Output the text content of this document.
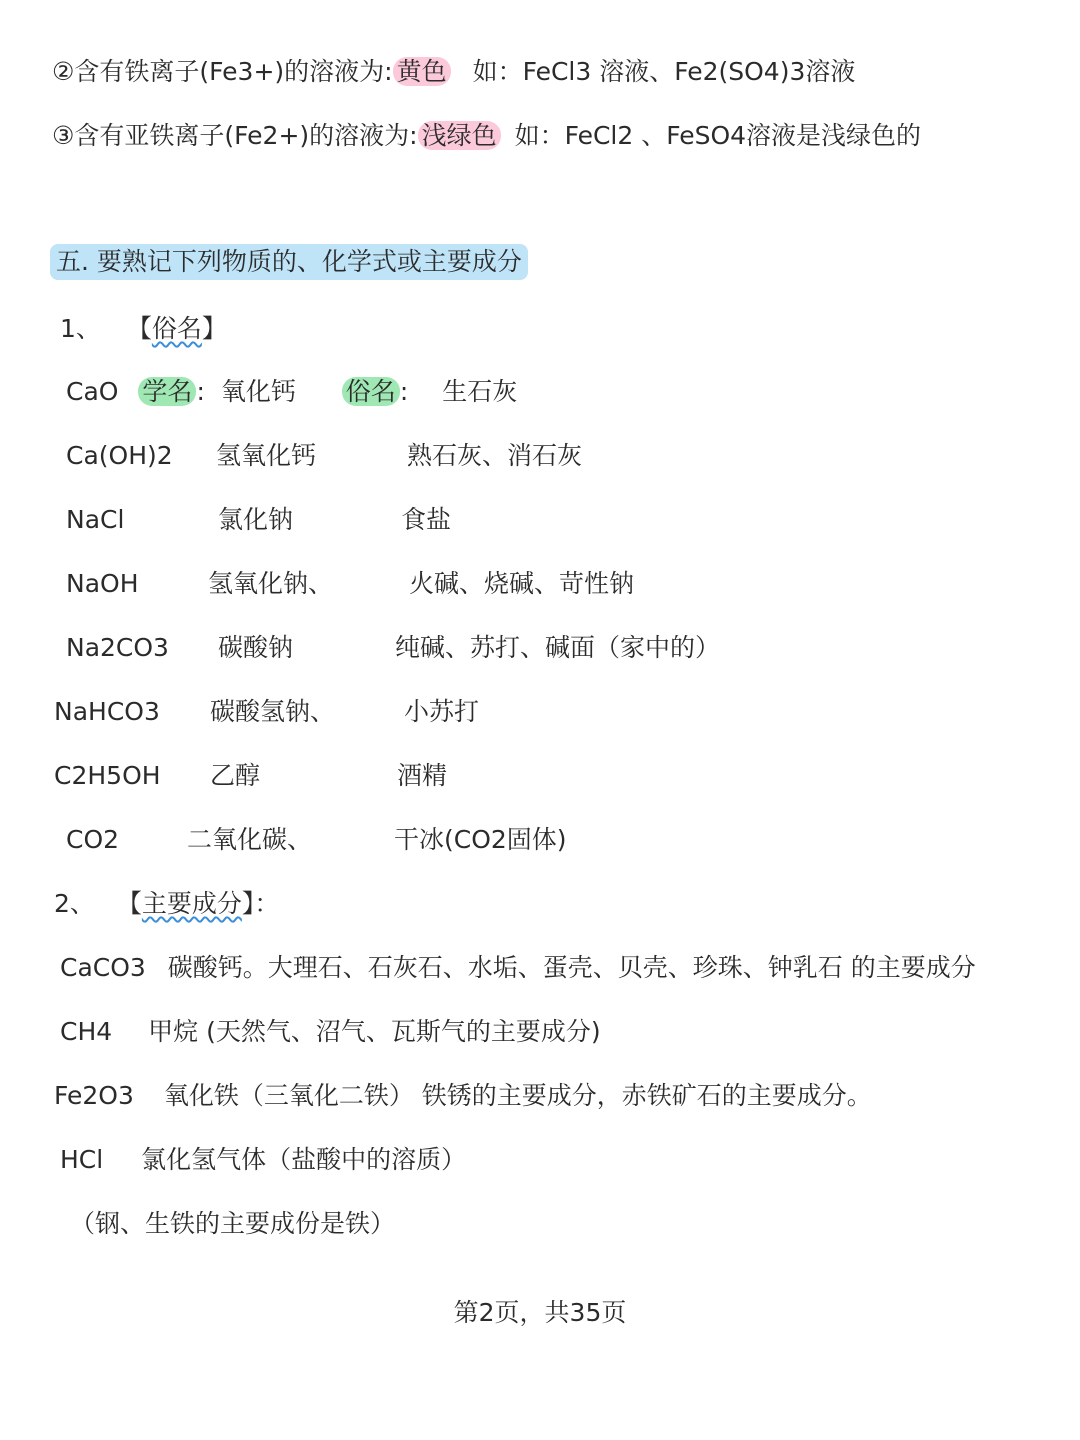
②含有铁离子(Fe3+)的溶液为: 黄色 如：FeCl3 溶液、Fe2(SO4)3溶液
③含有亚铁离子(Fe2+)的溶液为: 浅绿色 如：FeCl2 、FeSO4溶液是浅绿色的
五. 要熟记下列物质的、化学式或主要成分
1、 【俗名】
CaO 学名 : 氧化钙 俗名 : 生石灰
Ca(OH)2 氢氧化钙	熟石灰、消石灰
NaCl	氯化钠	食盐
NaOH	氢氧化钠、	火碱、烧碱、苛性钠
Na2CO3 碳酸钠	纯碱、苏打、碱面（家中的）
NaHCO3 碳酸氢钠、	小苏打
C2H5OH 乙醇	酒精
CO2	二氧化碳、	干冰(CO2固体)
2、 【主要成分】：
CaCO3 碳酸钙。大理石、石灰石、水垢、蛋壳、贝壳、珍珠、钟乳石 的主要成分
CH4 甲烷 (天然气、沼气、瓦斯气的主要成分)
Fe2O3 氧化铁（三氧化二铁） 铁锈的主要成分，赤铁矿石的主要成分。
HCl 氯化氢气体（盐酸中的溶质）
（钢、生铁的主要成份是铁）
第2页，共35页
